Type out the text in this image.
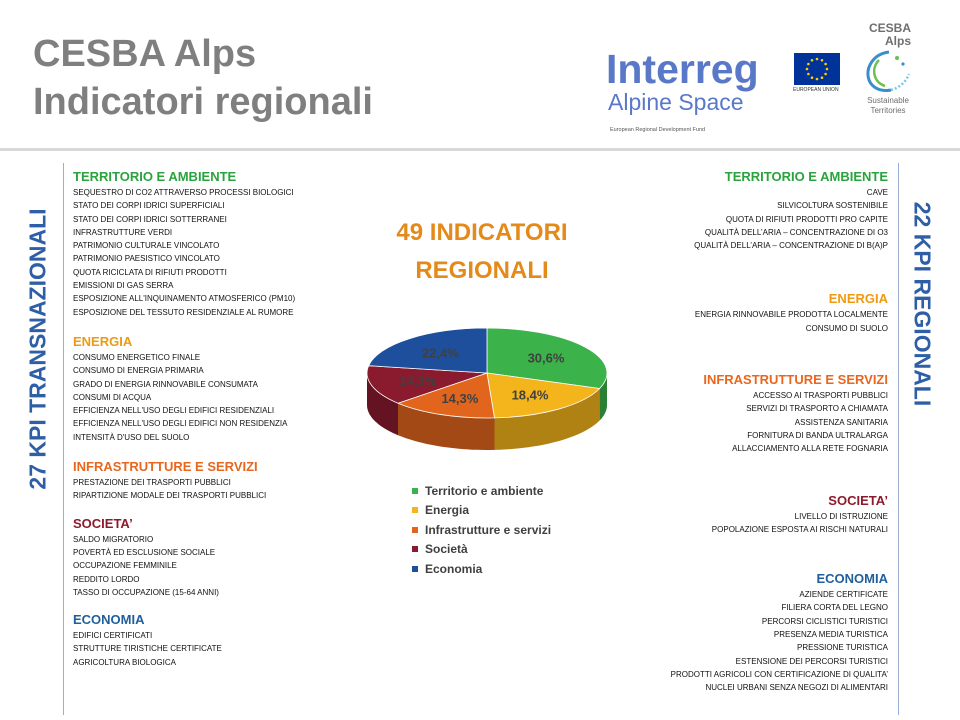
CESBA Alps
Indicatori regionali
Interreg
Alpine Space
European Regional Development Fund
EUROPEAN UNION
CESBA
Alps
Sustainable
Territories
27 KPI TRANSNAZIONALI	22 KPI REGIONALI
TERRITORIO E AMBIENTE
SEQUESTRO DI CO2 ATTRAVERSO PROCESSI BIOLOGICI
STATO DEI CORPI IDRICI SUPERFICIALI
STATO DEI CORPI IDRICI SOTTERRANEI
INFRASTRUTTURE VERDI
PATRIMONIO CULTURALE VINCOLATO
PATRIMONIO PAESISTICO VINCOLATO
QUOTA RICICLATA DI RIFIUTI PRODOTTI
EMISSIONI DI GAS SERRA
ESPOSIZIONE ALL'INQUINAMENTO ATMOSFERICO (PM10)
ESPOSIZIONE DEL TESSUTO RESIDENZIALE AL RUMORE
ENERGIA
CONSUMO ENERGETICO FINALE
CONSUMO DI ENERGIA PRIMARIA
GRADO DI ENERGIA RINNOVABILE CONSUMATA
CONSUMI DI ACQUA
EFFICIENZA NELL'USO DEGLI EDIFICI RESIDENZIALI
EFFICIENZA NELL'USO DEGLI EDIFICI NON RESIDENZIA
INTENSITÀ D'USO DEL SUOLO
INFRASTRUTTURE E SERVIZI
PRESTAZIONE DEI TRASPORTI PUBBLICI
RIPARTIZIONE MODALE DEI TRASPORTI PUBBLICI
SOCIETA’
SALDO MIGRATORIO
POVERTÀ ED ESCLUSIONE SOCIALE
OCCUPAZIONE FEMMINILE
REDDITO LORDO
TASSO DI OCCUPAZIONE (15-64 ANNI)
ECONOMIA
EDIFICI CERTIFICATI
STRUTTURE TIRISTICHE CERTIFICATE
AGRICOLTURA BIOLOGICA
TERRITORIO E AMBIENTE
CAVE
SILVICOLTURA SOSTENIBILE
QUOTA DI RIFIUTI PRODOTTI PRO CAPITE
QUALITÀ DELL’ARIA – CONCENTRAZIONE DI O3
QUALITÀ DELL’ARIA – CONCENTRAZIONE DI B(A)P
ENERGIA
ENERGIA RINNOVABILE PRODOTTA LOCALMENTE
CONSUMO DI SUOLO
INFRASTRUTTURE E SERVIZI
ACCESSO AI TRASPORTI PUBBLICI
SERVIZI DI TRASPORTO A CHIAMATA
ASSISTENZA SANITARIA
FORNITURA DI BANDA ULTRALARGA
ALLACCIAMENTO ALLA RETE FOGNARIA
SOCIETA’
LIVELLO DI ISTRUZIONE
POPOLAZIONE ESPOSTA AI RISCHI NATURALI
ECONOMIA
AZIENDE CERTIFICATE
FILIERA CORTA DEL LEGNO
PERCORSI CICLISTICI TURISTICI
PRESENZA MEDIA TURISTICA
PRESSIONE TURISTICA
ESTENSIONE DEI PERCORSI TURISTICI
PRODOTTI AGRICOLI CON CERTIFICAZIONE DI QUALITA’
NUCLEI URBANI SENZA NEGOZI DI ALIMENTARI
49 INDICATORI
REGIONALI
30,6%
18,4%
14,3%
14,3%
22,4%
Territorio e ambiente
Energia
Infrastrutture e servizi
Società
Economia
